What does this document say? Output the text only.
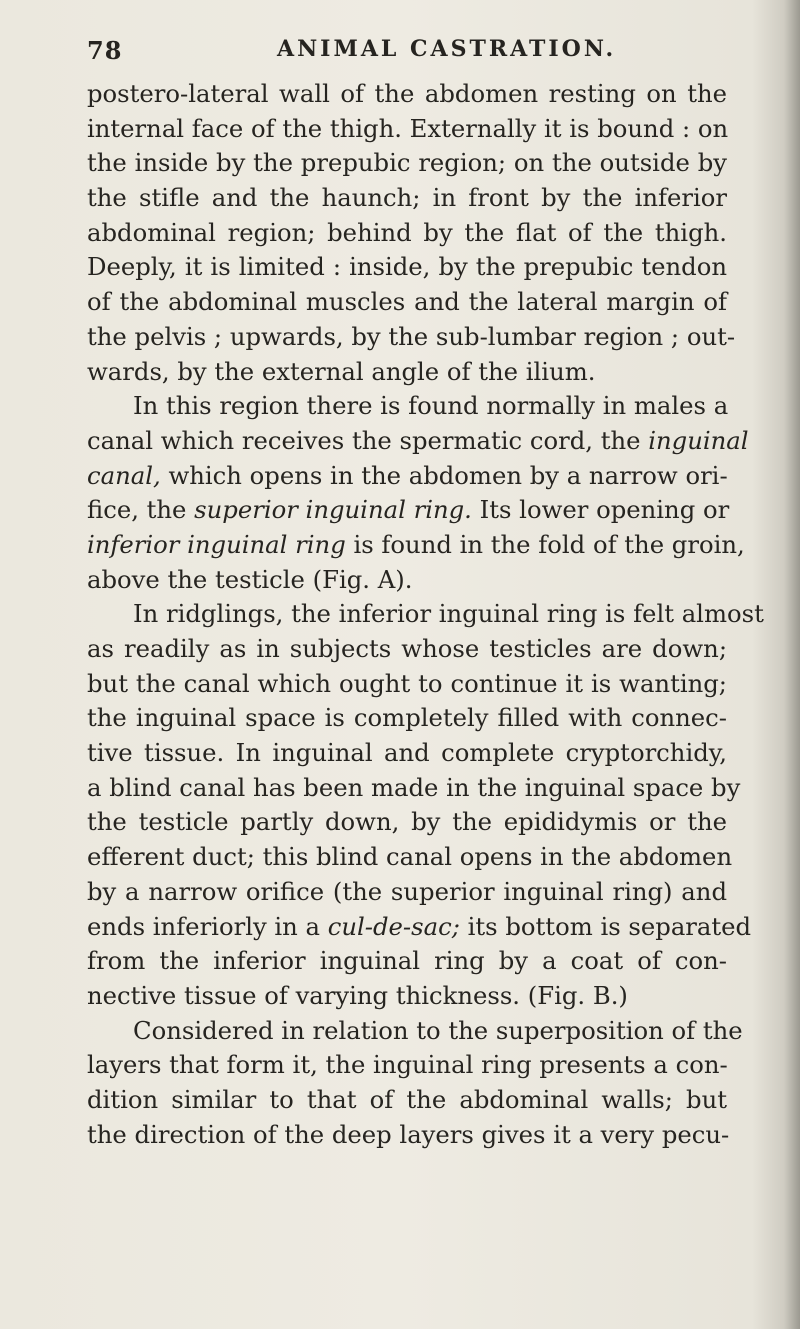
78	ANIMAL CASTRATION.
postero-lateral wall of the abdomen resting on the
internal face of the thigh. Externally it is bound : on
the inside by the prepubic region; on the outside by
the stifle and the haunch; in front by the inferior
abdominal region; behind by the flat of the thigh.
Deeply, it is limited : inside, by the prepubic tendon
of the abdominal muscles and the lateral margin of
the pelvis ; upwards, by the sub-lumbar region ; out-
wards, by the external angle of the ilium.
In this region there is found normally in males a
canal which receives the spermatic cord, the inguinal
canal, which opens in the abdomen by a narrow ori-
fice, the superior inguinal ring. Its lower opening or
inferior inguinal ring is found in the fold of the groin,
above the testicle (Fig. A).
In ridglings, the inferior inguinal ring is felt almost
as readily as in subjects whose testicles are down;
but the canal which ought to continue it is wanting;
the inguinal space is completely filled with connec-
tive tissue. In inguinal and complete cryptorchidy,
a blind canal has been made in the inguinal space by
the testicle partly down, by the epididymis or the
efferent duct; this blind canal opens in the abdomen
by a narrow orifice (the superior inguinal ring) and
ends inferiorly in a cul-de-sac; its bottom is separated
from the inferior inguinal ring by a coat of con-
nective tissue of varying thickness. (Fig. B.)
Considered in relation to the superposition of the
layers that form it, the inguinal ring presents a con-
dition similar to that of the abdominal walls; but
the direction of the deep layers gives it a very pecu-
